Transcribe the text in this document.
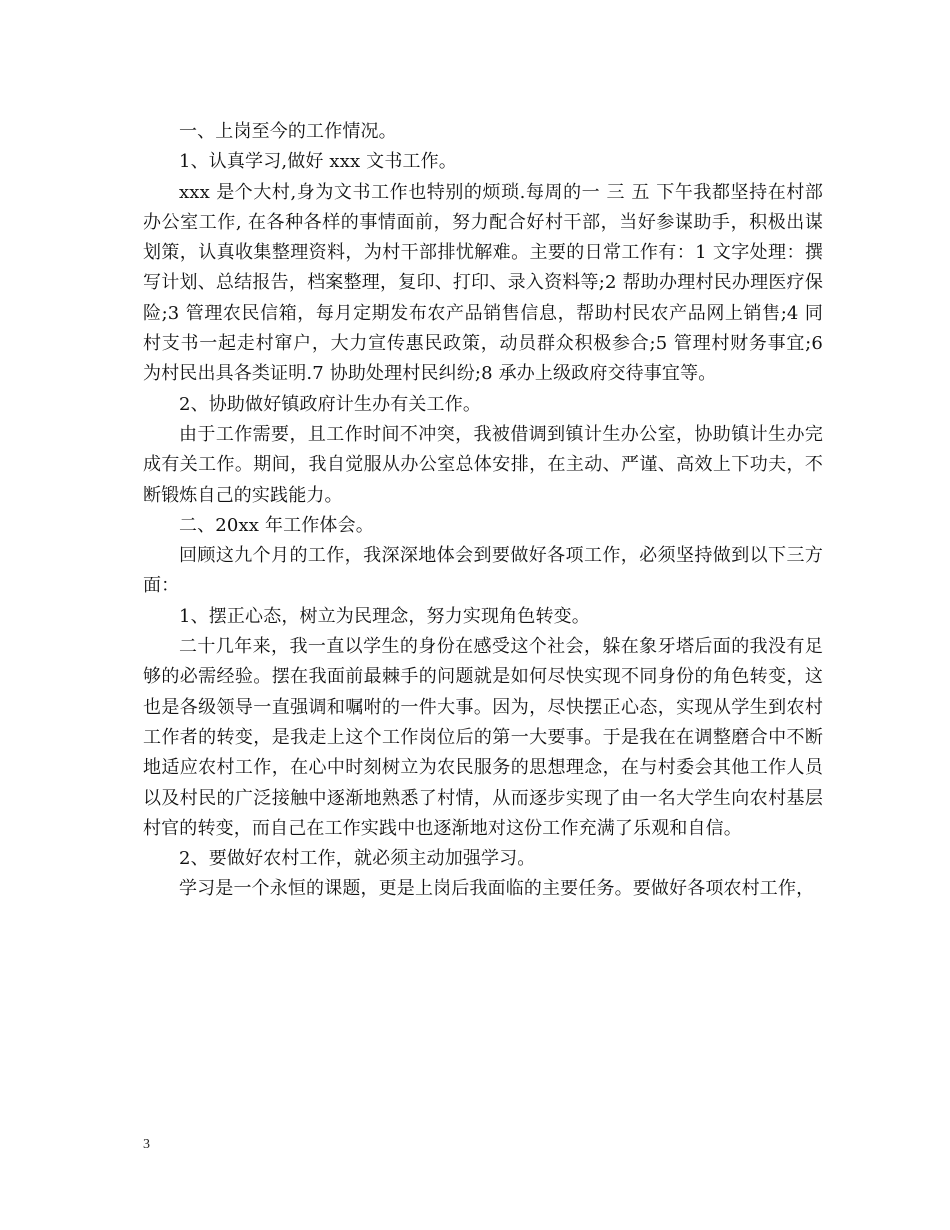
一、上岗至今的工作情况。

1、认真学习,做好 xxx 文书工作。

xxx 是个大村,身为文书工作也特别的烦琐.每周的一 三 五 下午我都坚持在村部办公室工作, 在各种各样的事情面前，努力配合好村干部，当好参谋助手，积极出谋划策，认真收集整理资料，为村干部排忧解难。主要的日常工作有：1 文字处理：撰写计划、总结报告，档案整理，复印、打印、录入资料等;2 帮助办理村民办理医疗保险;3 管理农民信箱，每月定期发布农产品销售信息，帮助村民农产品网上销售;4 同村支书一起走村窜户，大力宣传惠民政策，动员群众积极参合;5 管理村财务事宜;6 为村民出具各类证明.7 协助处理村民纠纷;8 承办上级政府交待事宜等。

2、协助做好镇政府计生办有关工作。

由于工作需要，且工作时间不冲突，我被借调到镇计生办公室，协助镇计生办完成有关工作。期间，我自觉服从办公室总体安排，在主动、严谨、高效上下功夫，不断锻炼自己的实践能力。

二、20xx 年工作体会。

回顾这九个月的工作，我深深地体会到要做好各项工作，必须坚持做到以下三方面：

1、摆正心态，树立为民理念，努力实现角色转变。

二十几年来，我一直以学生的身份在感受这个社会，躲在象牙塔后面的我没有足够的必需经验。摆在我面前最棘手的问题就是如何尽快实现不同身份的角色转变，这也是各级领导一直强调和嘱咐的一件大事。因为，尽快摆正心态，实现从学生到农村工作者的转变，是我走上这个工作岗位后的第一大要事。于是我在在调整磨合中不断地适应农村工作，在心中时刻树立为农民服务的思想理念，在与村委会其他工作人员以及村民的广泛接触中逐渐地熟悉了村情，从而逐步实现了由一名大学生向农村基层村官的转变，而自己在工作实践中也逐渐地对这份工作充满了乐观和自信。

2、要做好农村工作，就必须主动加强学习。

学习是一个永恒的课题，更是上岗后我面临的主要任务。要做好各项农村工作，

3
